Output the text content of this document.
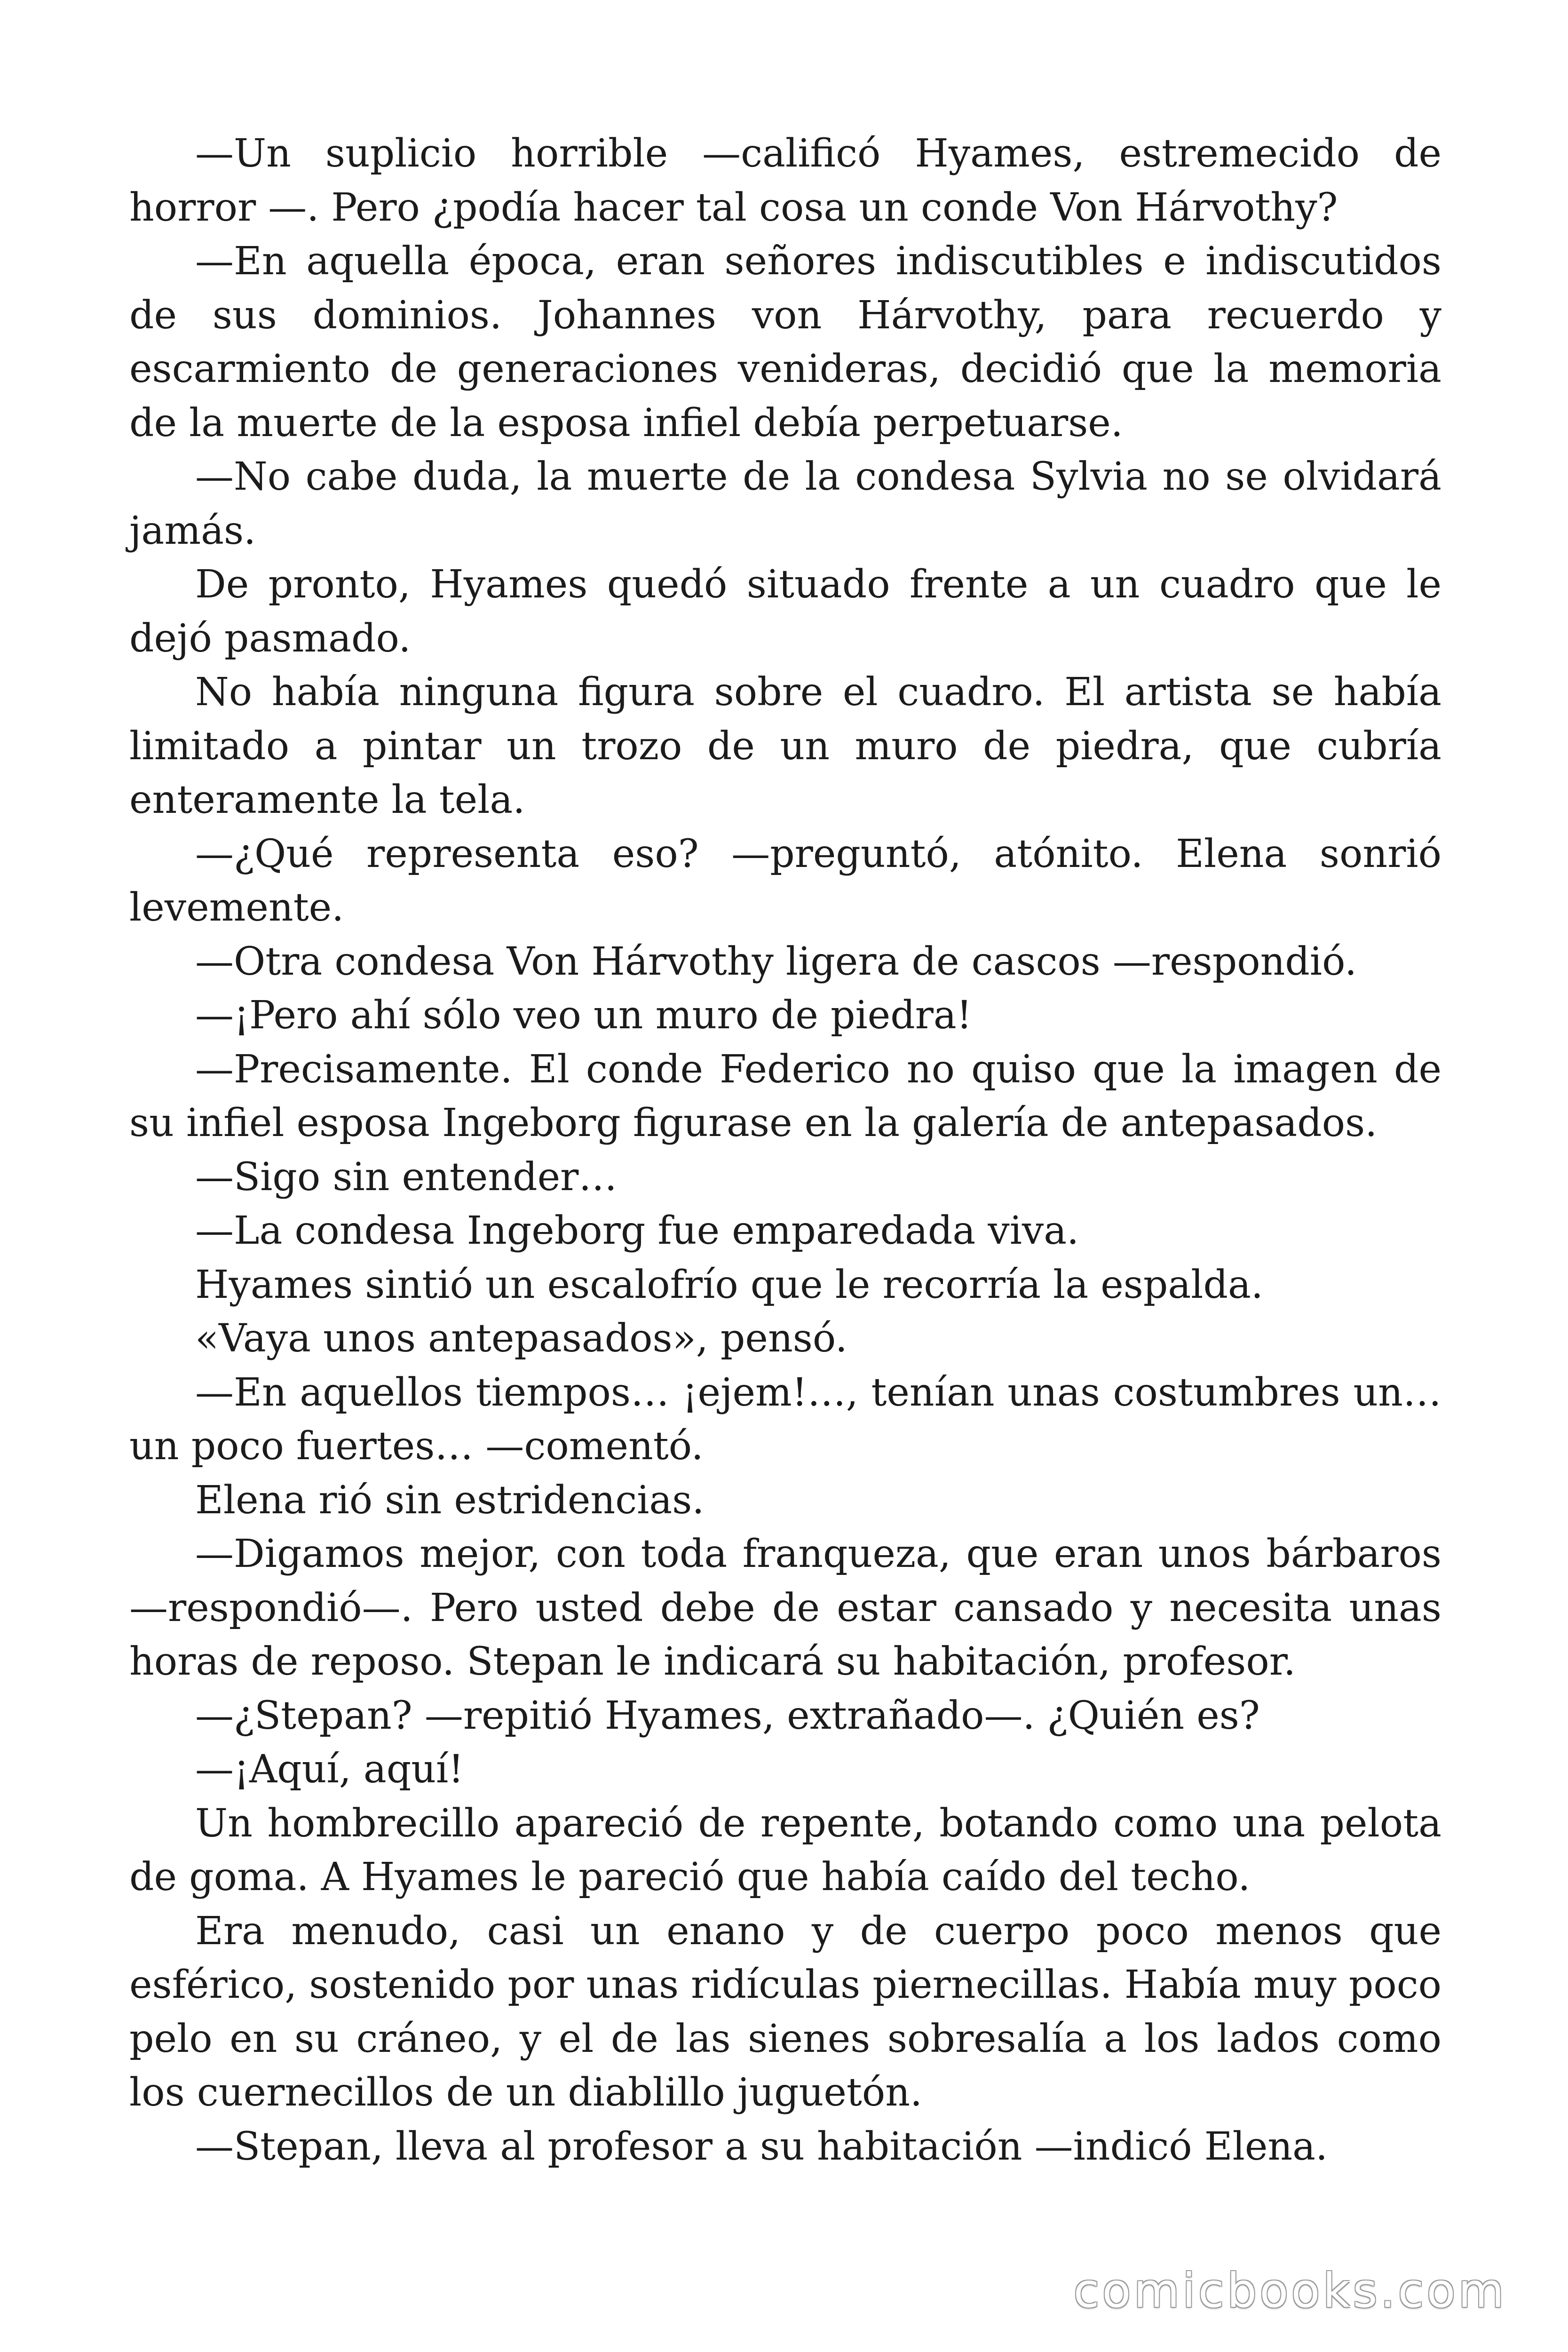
—Un suplicio horrible —calificó Hyames, estremecido de horror —. Pero ¿podía hacer tal cosa un conde Von Hárvothy?

—En aquella época, eran señores indiscutibles e indiscutidos de sus dominios. Johannes von Hárvothy, para recuerdo y escarmiento de generaciones venideras, decidió que la memoria de la muerte de la esposa infiel debía perpetuarse.

—No cabe duda, la muerte de la condesa Sylvia no se olvidará jamás.

De pronto, Hyames quedó situado frente a un cuadro que le dejó pasmado.

No había ninguna figura sobre el cuadro. El artista se había limitado a pintar un trozo de un muro de piedra, que cubría enteramente la tela.

—¿Qué representa eso? —preguntó, atónito. Elena sonrió levemente.

—Otra condesa Von Hárvothy ligera de cascos —respondió.

—¡Pero ahí sólo veo un muro de piedra!

—Precisamente. El conde Federico no quiso que la imagen de su infiel esposa Ingeborg figurase en la galería de antepasados.

—Sigo sin entender…

—La condesa Ingeborg fue emparedada viva.

Hyames sintió un escalofrío que le recorría la espalda.

«Vaya unos antepasados», pensó.

—En aquellos tiempos… ¡ejem!…, tenían unas costumbres un… un poco fuertes… —comentó.

Elena rió sin estridencias.

—Digamos mejor, con toda franqueza, que eran unos bárbaros —respondió—. Pero usted debe de estar cansado y necesita unas horas de reposo. Stepan le indicará su habitación, profesor.

—¿Stepan? —repitió Hyames, extrañado—. ¿Quién es?

—¡Aquí, aquí!

Un hombrecillo apareció de repente, botando como una pelota de goma. A Hyames le pareció que había caído del techo.

Era menudo, casi un enano y de cuerpo poco menos que esférico, sostenido por unas ridículas piernecillas. Había muy poco pelo en su cráneo, y el de las sienes sobresalía a los lados como los cuernecillos de un diablillo juguetón.

—Stepan, lleva al profesor a su habitación —indicó Elena.

comicbooks.com
